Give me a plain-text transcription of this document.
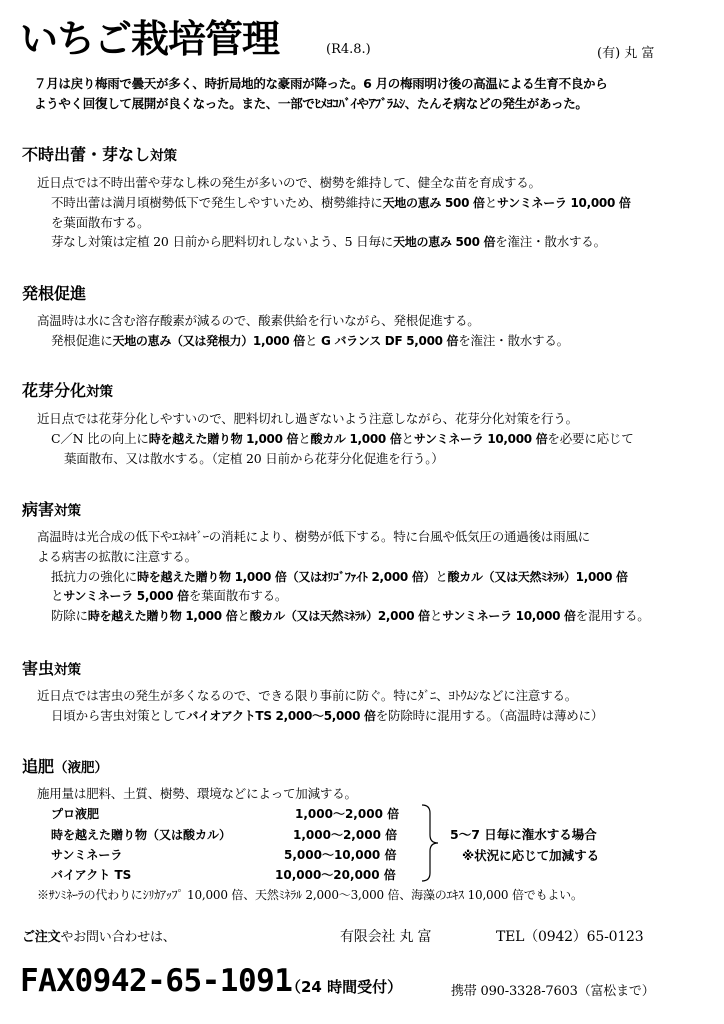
いちご栽培管理	(R4.8.)	(有) 丸 富
７月は戻り梅雨で曇天が多く、時折局地的な豪雨が降った。6 月の梅雨明け後の高温による生育不良から
ようやく回復して展開が良くなった。また、一部でﾋﾒﾖｺﾊﾞｲやｱﾌﾞﾗﾑｼ、たんそ病などの発生があった。
不時出蕾・芽なし対策
近日点では不時出蕾や芽なし株の発生が多いので、樹勢を維持して、健全な苗を育成する。
不時出蕾は満月頃樹勢低下で発生しやすいため、樹勢維持に天地の恵み 500 倍とサンミネーラ 10,000 倍
を葉面散布する。
芽なし対策は定植 20 日前から肥料切れしないよう、5 日毎に天地の恵み 500 倍を潅注・散水する。
発根促進
高温時は水に含む溶存酸素が減るので、酸素供給を行いながら、発根促進する。
発根促進に天地の恵み（又は発根力）1,000 倍と G バランス DF 5,000 倍を潅注・散水する。
花芽分化対策
近日点では花芽分化しやすいので、肥料切れし過ぎないよう注意しながら、花芽分化対策を行う。
C／N 比の向上に時を越えた贈り物 1,000 倍と酸カル 1,000 倍とサンミネーラ 10,000 倍を必要に応じて
葉面散布、又は散水する。（定植 20 日前から花芽分化促進を行う。）
病害対策
高温時は光合成の低下やｴﾈﾙｷﾞｰの消耗により、樹勢が低下する。特に台風や低気圧の通過後は雨風に
よる病害の拡散に注意する。
抵抗力の強化に時を越えた贈り物 1,000 倍（又はｵﾘｺﾞﾌｧｲﾄ 2,000 倍）と酸カル（又は天然ﾐﾈﾗﾙ）1,000 倍
とサンミネーラ 5,000 倍を葉面散布する。
防除に時を越えた贈り物 1,000 倍と酸カル（又は天然ﾐﾈﾗﾙ）2,000 倍とサンミネーラ 10,000 倍を混用する。
害虫対策
近日点では害虫の発生が多くなるので、できる限り事前に防ぐ。特にﾀﾞﾆ、ﾖﾄｳﾑｼなどに注意する。
日頃から害虫対策としてバイオアクトTS 2,000〜5,000 倍を防除時に混用する。（高温時は薄めに）
追肥（液肥）
施用量は肥料、土質、樹勢、環境などによって加減する。
プロ液肥	1,000〜2,000 倍
時を越えた贈り物（又は酸カル）	1,000〜2,000 倍
サンミネーラ	5,000〜10,000 倍
バイアクト TS	10,000〜20,000 倍
5〜7 日毎に潅水する場合
※状況に応じて加減する
※ｻﾝﾐﾈｰﾗの代わりにｼﾘｶｱｯﾌﾟ 10,000 倍、天然ﾐﾈﾗﾙ 2,000〜3,000 倍、海藻のｴｷｽ 10,000 倍でもよい。
ご注文やお問い合わせは、	有限会社 丸 富	TEL（0942）65-0123
FAX0942-65-1091
（24 時間受付）	携帯 090-3328-7603（富松まで）
